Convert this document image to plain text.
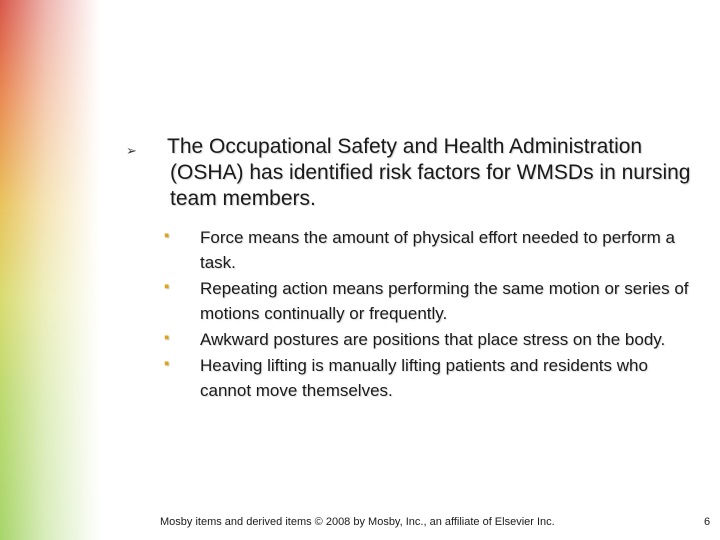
➢ The Occupational Safety and Health Administration (OSHA) has identified risk factors for WMSDs in nursing team members.
▪ Force means the amount of physical effort needed to perform a task.
▪ Repeating action means performing the same motion or series of motions continually or frequently.
▪ Awkward postures are positions that place stress on the body.
▪ Heaving lifting is manually lifting patients and residents who cannot move themselves.
Mosby items and derived items © 2008 by Mosby, Inc., an affiliate of Elsevier Inc.	6
